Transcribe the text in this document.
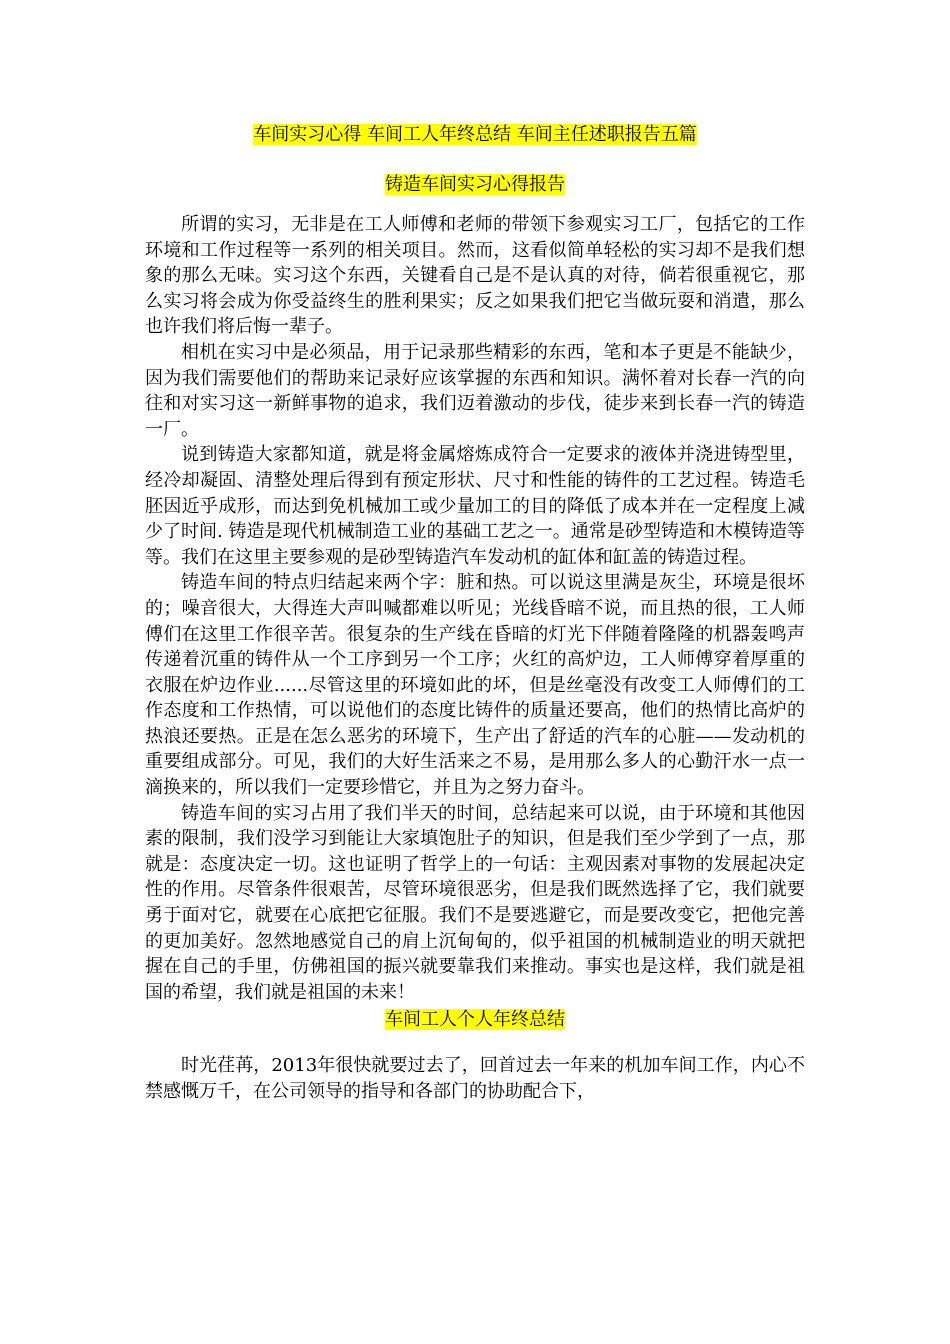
车间实习心得 车间工人年终总结 车间主任述职报告五篇

铸造车间实习心得报告

所谓的实习，无非是在工人师傅和老师的带领下参观实习工厂，包括它的工作环境和工作过程等一系列的相关项目。然而，这看似简单轻松的实习却不是我们想象的那么无味。实习这个东西，关键看自己是不是认真的对待，倘若很重视它，那么实习将会成为你受益终生的胜利果实；反之如果我们把它当做玩耍和消遣，那么也许我们将后悔一辈子。

相机在实习中是必须品，用于记录那些精彩的东西，笔和本子更是不能缺少，因为我们需要他们的帮助来记录好应该掌握的东西和知识。满怀着对长春一汽的向往和对实习这一新鲜事物的追求，我们迈着激动的步伐，徒步来到长春一汽的铸造一厂。

说到铸造大家都知道，就是将金属熔炼成符合一定要求的液体并浇进铸型里，经冷却凝固、清整处理后得到有预定形状、尺寸和性能的铸件的工艺过程。铸造毛胚因近乎成形，而达到免机械加工或少量加工的目的降低了成本并在一定程度上减少了时间. 铸造是现代机械制造工业的基础工艺之一。通常是砂型铸造和木模铸造等等。我们在这里主要参观的是砂型铸造汽车发动机的缸体和缸盖的铸造过程。

铸造车间的特点归结起来两个字：脏和热。可以说这里满是灰尘，环境是很坏的；噪音很大，大得连大声叫喊都难以听见；光线昏暗不说，而且热的很，工人师傅们在这里工作很辛苦。很复杂的生产线在昏暗的灯光下伴随着隆隆的机器轰鸣声传递着沉重的铸件从一个工序到另一个工序；火红的高炉边，工人师傅穿着厚重的衣服在炉边作业......尽管这里的环境如此的坏，但是丝毫没有改变工人师傅们的工作态度和工作热情，可以说他们的态度比铸件的质量还要高，他们的热情比高炉的热浪还要热。正是在怎么恶劣的环境下，生产出了舒适的汽车的心脏——发动机的重要组成部分。可见，我们的大好生活来之不易，是用那么多人的心勤汗水一点一滴换来的，所以我们一定要珍惜它，并且为之努力奋斗。

铸造车间的实习占用了我们半天的时间，总结起来可以说，由于环境和其他因素的限制，我们没学习到能让大家填饱肚子的知识，但是我们至少学到了一点，那就是：态度决定一切。这也证明了哲学上的一句话：主观因素对事物的发展起决定性的作用。尽管条件很艰苦，尽管环境很恶劣，但是我们既然选择了它，我们就要勇于面对它，就要在心底把它征服。我们不是要逃避它，而是要改变它，把他完善的更加美好。忽然地感觉自己的肩上沉甸甸的，似乎祖国的机械制造业的明天就把握在自己的手里，仿佛祖国的振兴就要靠我们来推动。事实也是这样，我们就是祖国的希望，我们就是祖国的未来！

车间工人个人年终总结

时光荏苒，2013年很快就要过去了，回首过去一年来的机加车间工作，内心不禁感慨万千，在公司领导的指导和各部门的协助配合下，
